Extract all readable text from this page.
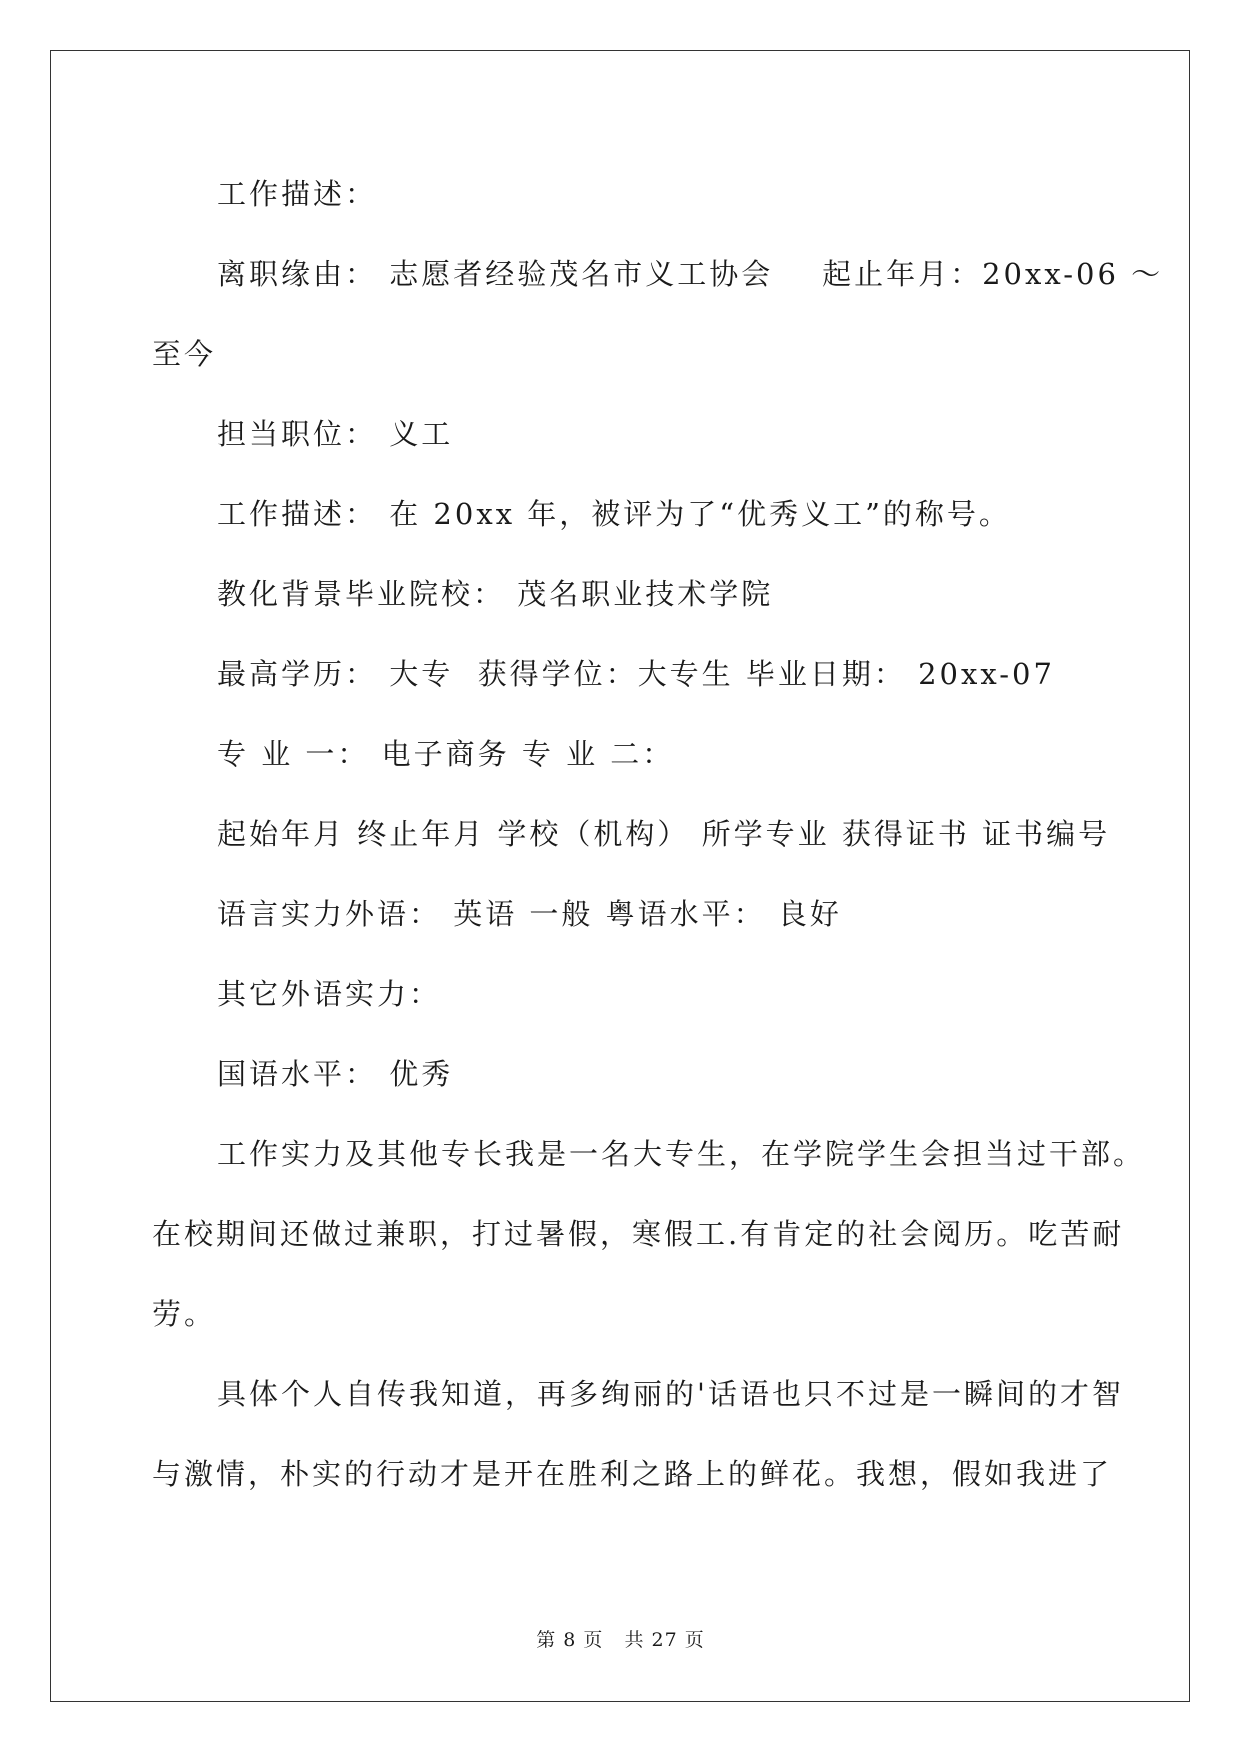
工作描述：
离职缘由： 志愿者经验茂名市义工协会    起止年月：20xx-06 ～
至今
担当职位： 义工
工作描述： 在 20xx 年，被评为了“优秀义工”的称号。
教化背景毕业院校： 茂名职业技术学院
最高学历： 大专  获得学位：大专生 毕业日期： 20xx-07
专 业 一： 电子商务 专 业 二：
起始年月 终止年月 学校（机构） 所学专业 获得证书 证书编号
语言实力外语： 英语 一般 粤语水平： 良好
其它外语实力：
国语水平： 优秀
工作实力及其他专长我是一名大专生，在学院学生会担当过干部。
在校期间还做过兼职，打过暑假，寒假工.有肯定的社会阅历。吃苦耐
劳。
具体个人自传我知道，再多绚丽的'话语也只不过是一瞬间的才智
与激情，朴实的行动才是开在胜利之路上的鲜花。我想，假如我进了
第 8 页   共 27 页
